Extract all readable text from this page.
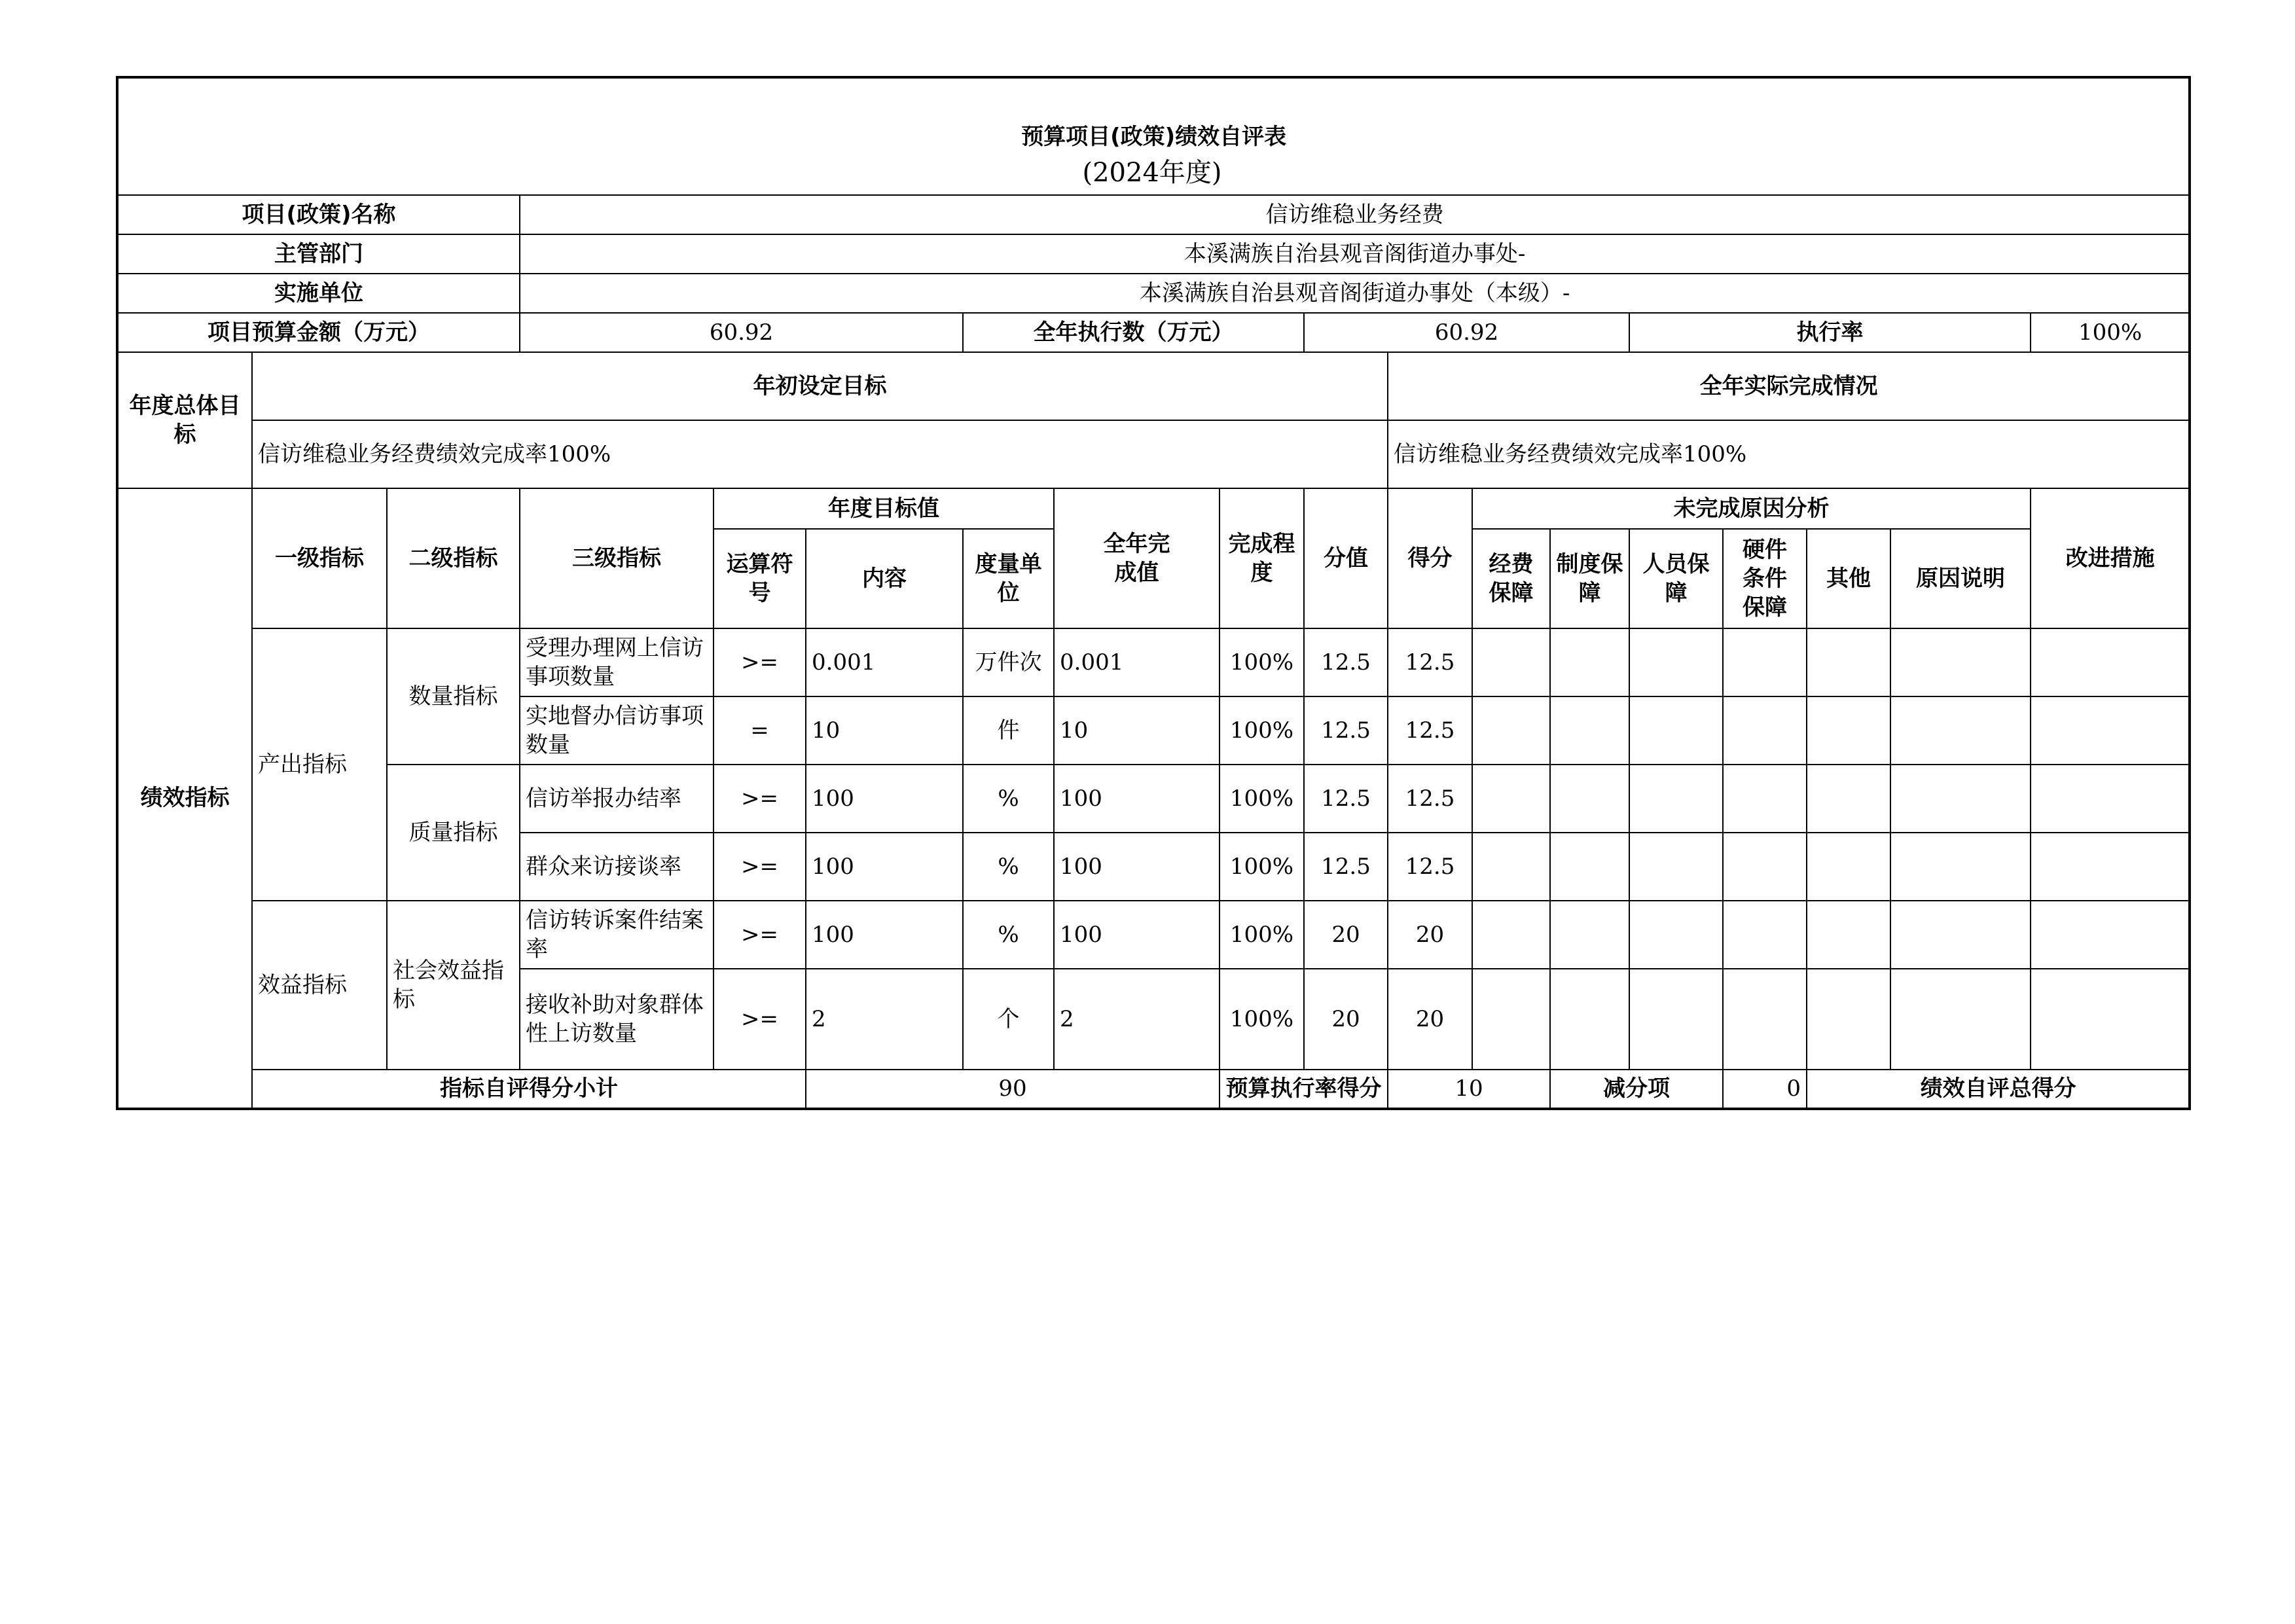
预算项目(政策)绩效自评表																		

项目(政策)名称			信访维稳业务经费															
主管部门			本溪满族自治县观音阁街道办事处-															
实施单位			本溪满族自治县观音阁街道办事处（本级）-															
项目预算金额（万元）			60.92			全年执行数（万元）			60.92				执行率				100%	
年度总体目标	年初设定目标									全年实际完成情况								
	信访维稳业务经费绩效完成率100%									信访维稳业务经费绩效完成率100%								
绩效指标	一级指标	二级指标	三级指标	年度目标值			全年完成值	完成程度	分值	得分	未完成原因分析						改进措施	
				运算符号	内容	度量单位					经费保障	制度保障	人员保障	硬件条件保障	其他	原因说明		
	产出指标	数量指标	受理办理网上信访事项数量	>=	0.001	万件次	0.001	100%	12.5	12.5								
			实地督办信访事项数量	=	10	件	10	100%	12.5	12.5								
		质量指标	信访举报办结率	>=	100	%	100	100%	12.5	12.5								
			群众来访接谈率	>=	100	%	100	100%	12.5	12.5								
	效益指标	社会效益指标	信访转诉案件结案率	>=	100	%	100	100%	20	20								
			接收补助对象群体性上访数量	>=	2	个	2	100%	20	20								
	指标自评得分小计				90			预算执行率得分		10		减分项		0	绩效自评总得分	
(2024年度)
